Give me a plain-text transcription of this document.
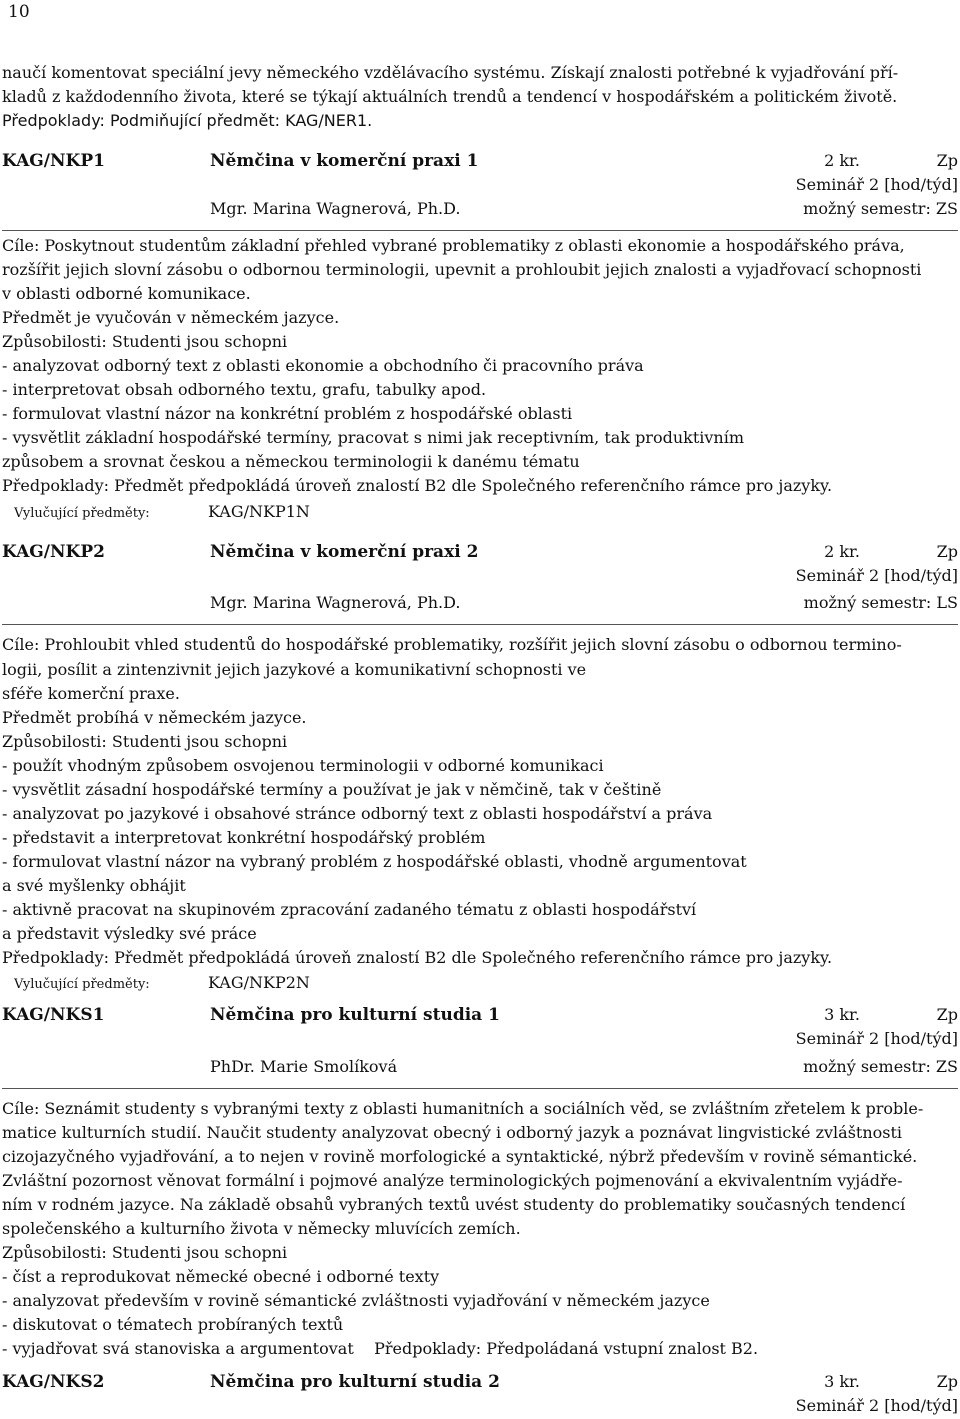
10
naučí komentovat speciální jevy německého vzdělávacího systému. Získají znalosti potřebné k vyjadřování pří-
kladů z každodenního života, které se týkají aktuálních trendů a tendencí v hospodářském a politickém životě.
Předpoklady: Podmiňující předmět: KAG/NER1.
KAG/NKP1	Němčina v komerční praxi 1	2 kr.	Zp
Seminář 2 [hod/týd]
Mgr. Marina Wagnerová, Ph.D.	možný semestr: ZS
Cíle: Poskytnout studentům základní přehled vybrané problematiky z oblasti ekonomie a hospodářského práva,
rozšířit jejich slovní zásobu o odbornou terminologii, upevnit a prohloubit jejich znalosti a vyjadřovací schopnosti
v oblasti odborné komunikace.
Předmět je vyučován v německém jazyce.
Způsobilosti: Studenti jsou schopni
- analyzovat odborný text z oblasti ekonomie a obchodního či pracovního práva
- interpretovat obsah odborného textu, grafu, tabulky apod.
- formulovat vlastní názor na konkrétní problém z hospodářské oblasti
- vysvětlit základní hospodářské termíny, pracovat s nimi jak receptivním, tak produktivním
způsobem a srovnat českou a německou terminologii k danému tématu
Předpoklady: Předmět předpokládá úroveň znalostí B2 dle Společného referenčního rámce pro jazyky.
Vylučující předměty:	KAG/NKP1N
KAG/NKP2	Němčina v komerční praxi 2	2 kr.	Zp
Seminář 2 [hod/týd]
Mgr. Marina Wagnerová, Ph.D.	možný semestr: LS
Cíle: Prohloubit vhled studentů do hospodářské problematiky, rozšířit jejich slovní zásobu o odbornou termino-
logii, posílit a zintenzivnit jejich jazykové a komunikativní schopnosti ve
sféře komerční praxe.
Předmět probíhá v německém jazyce.
Způsobilosti: Studenti jsou schopni
- použít vhodným způsobem osvojenou terminologii v odborné komunikaci
- vysvětlit zásadní hospodářské termíny a používat je jak v němčině, tak v češtině
- analyzovat po jazykové i obsahové stránce odborný text z oblasti hospodářství a práva
- představit a interpretovat konkrétní hospodářský problém
- formulovat vlastní názor na vybraný problém z hospodářské oblasti, vhodně argumentovat
a své myšlenky obhájit
- aktivně pracovat na skupinovém zpracování zadaného tématu z oblasti hospodářství
a představit výsledky své práce
Předpoklady: Předmět předpokládá úroveň znalostí B2 dle Společného referenčního rámce pro jazyky.
Vylučující předměty:	KAG/NKP2N
KAG/NKS1	Němčina pro kulturní studia 1	3 kr.	Zp
Seminář 2 [hod/týd]
PhDr. Marie Smolíková	možný semestr: ZS
Cíle: Seznámit studenty s vybranými texty z oblasti humanitních a sociálních věd, se zvláštním zřetelem k proble-
matice kulturních studií. Naučit studenty analyzovat obecný i odborný jazyk a poznávat lingvistické zvláštnosti
cizojazyčného vyjadřování, a to nejen v rovině morfologické a syntaktické, nýbrž především v rovině sémantické.
Zvláštní pozornost věnovat formální i pojmové analýze terminologických pojmenování a ekvivalentním vyjádře-
ním v rodném jazyce. Na základě obsahů vybraných textů uvést studenty do problematiky současných tendencí
společenského a kulturního života v německy mluvících zemích.
Způsobilosti: Studenti jsou schopni
- číst a reprodukovat německé obecné i odborné texty
- analyzovat především v rovině sémantické zvláštnosti vyjadřování v německém jazyce
- diskutovat o tématech probíraných textů
- vyjadřovat svá stanoviska a argumentovat    Předpoklady: Předpoládaná vstupní znalost B2.
KAG/NKS2	Němčina pro kulturní studia 2	3 kr.	Zp
Seminář 2 [hod/týd]
